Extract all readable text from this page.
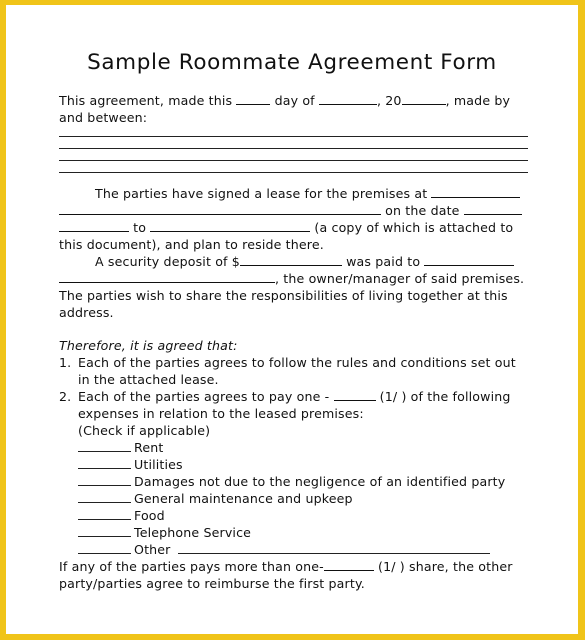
Sample Roommate Agreement Form
This agreement, made this	day of	, 20	, made by
and between:
The parties have signed a lease for the premises at
on the date
to	(a copy of which is attached to
this document), and plan to reside there.
A security deposit of $	was paid to
, the owner/manager of said premises.
The parties wish to share the responsibilities of living together at this
address.
Therefore, it is agreed that:
1. Each of the parties agrees to follow the rules and conditions set out
in the attached lease.
2. Each of the parties agrees to pay one -	(1/ ) of the following
expenses in relation to the leased premises:
(Check if applicable)
Rent
Utilities
Damages not due to the negligence of an identified party
General maintenance and upkeep
Food
Telephone Service
Other
If any of the parties pays more than one-	(1/ ) share, the other
party/parties agree to reimburse the first party.
